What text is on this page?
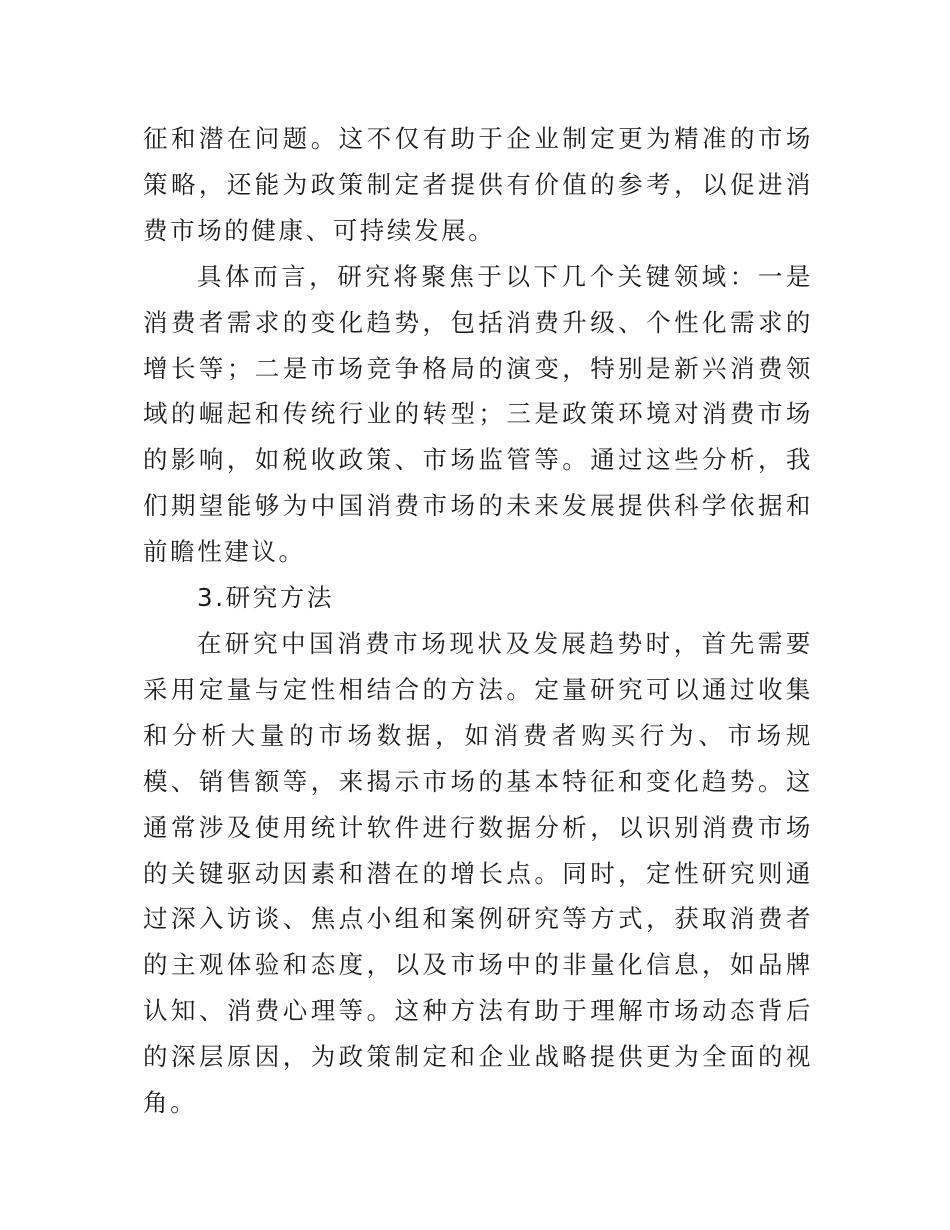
征和潜在问题。这不仅有助于企业制定更为精准的市场策略，还能为政策制定者提供有价值的参考，以促进消费市场的健康、可持续发展。

具体而言，研究将聚焦于以下几个关键领域：一是消费者需求的变化趋势，包括消费升级、个性化需求的增长等；二是市场竞争格局的演变，特别是新兴消费领域的崛起和传统行业的转型；三是政策环境对消费市场的影响，如税收政策、市场监管等。通过这些分析，我们期望能够为中国消费市场的未来发展提供科学依据和前瞻性建议。

3.研究方法

在研究中国消费市场现状及发展趋势时，首先需要采用定量与定性相结合的方法。定量研究可以通过收集和分析大量的市场数据，如消费者购买行为、市场规模、销售额等，来揭示市场的基本特征和变化趋势。这通常涉及使用统计软件进行数据分析，以识别消费市场的关键驱动因素和潜在的增长点。同时，定性研究则通过深入访谈、焦点小组和案例研究等方式，获取消费者的主观体验和态度，以及市场中的非量化信息，如品牌认知、消费心理等。这种方法有助于理解市场动态背后的深层原因，为政策制定和企业战略提供更为全面的视角。
